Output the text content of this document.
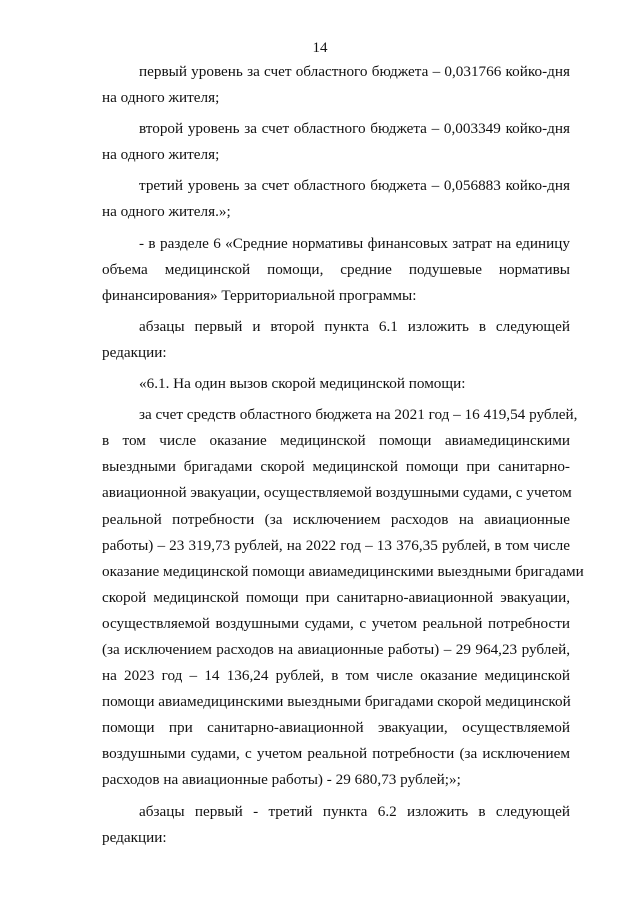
14

первый уровень за счет областного бюджета – 0,031766 койко-дня
на одного жителя;

второй уровень за счет областного бюджета – 0,003349 койко-дня
на одного жителя;

третий уровень за счет областного бюджета – 0,056883 койко-дня
на одного жителя.»;

- в разделе 6 «Средние нормативы финансовых затрат на единицу
объема медицинской помощи, средние подушевые нормативы
финансирования» Территориальной программы:

абзацы первый и второй пункта 6.1 изложить в следующей
редакции:

«6.1. На один вызов скорой медицинской помощи:

за счет средств областного бюджета на 2021 год – 16 419,54 рублей,
в том числе оказание медицинской помощи авиамедицинскими
выездными бригадами скорой медицинской помощи при санитарно-
авиационной эвакуации, осуществляемой воздушными судами, с учетом
реальной потребности (за исключением расходов на авиационные
работы) – 23 319,73 рублей, на 2022 год – 13 376,35 рублей, в том числе
оказание медицинской помощи авиамедицинскими выездными бригадами
скорой медицинской помощи при санитарно-авиационной эвакуации,
осуществляемой воздушными судами, с учетом реальной потребности
(за исключением расходов на авиационные работы) – 29 964,23 рублей,
на 2023 год – 14 136,24 рублей, в том числе оказание медицинской
помощи авиамедицинскими выездными бригадами скорой медицинской
помощи при санитарно-авиационной эвакуации, осуществляемой
воздушными судами, с учетом реальной потребности (за исключением
расходов на авиационные работы) - 29 680,73 рублей;»;

абзацы первый - третий пункта 6.2 изложить в следующей
редакции:
